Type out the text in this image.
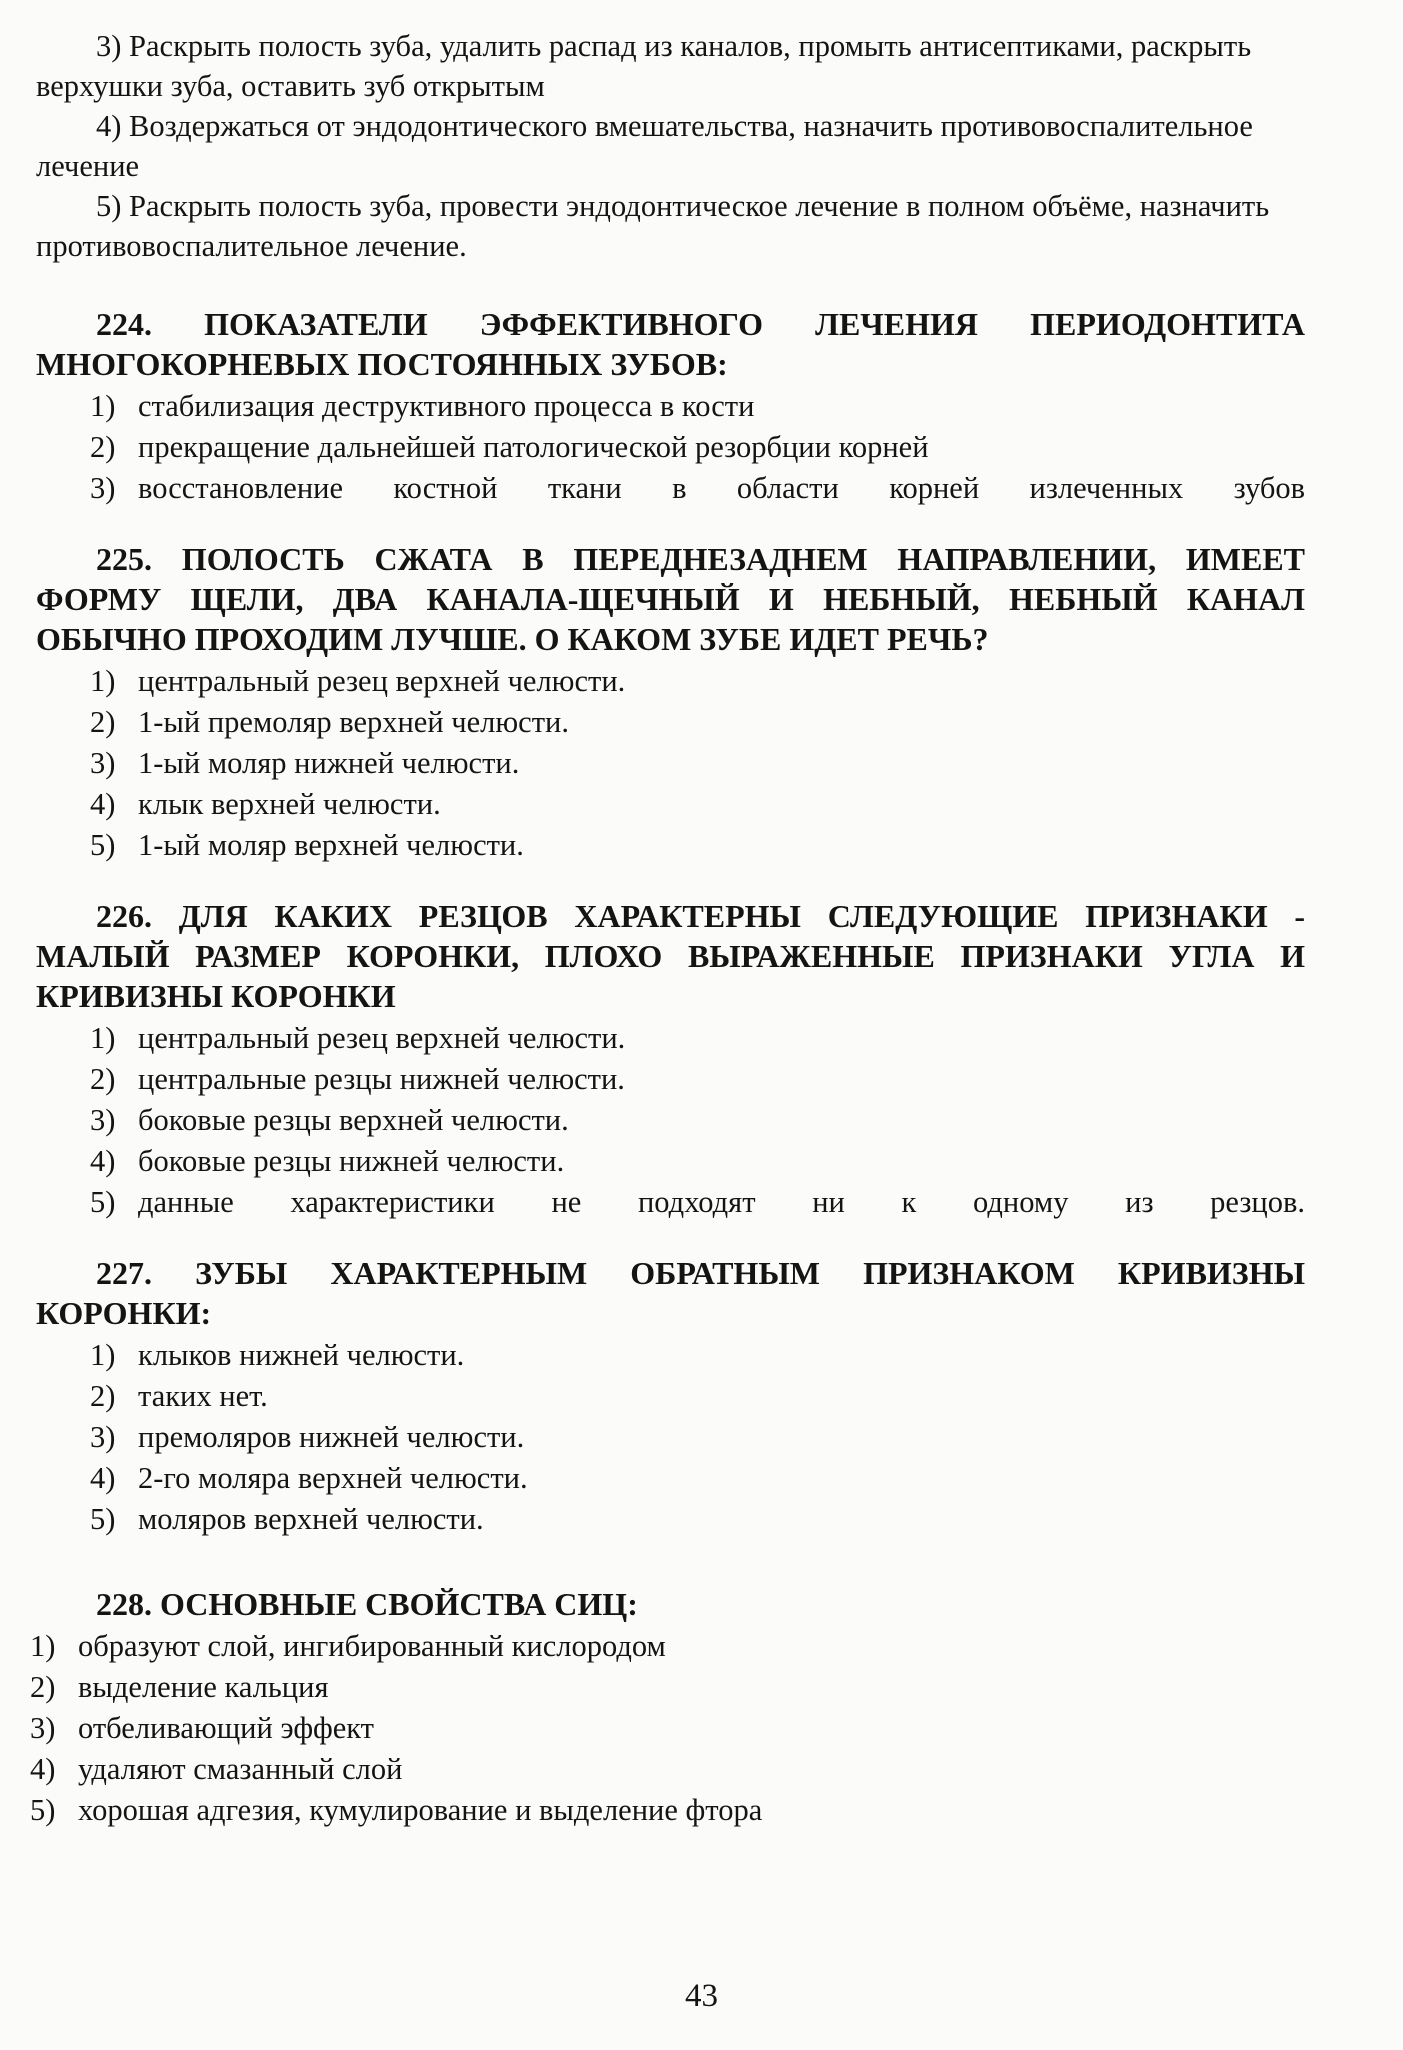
3) Раскрыть полость зуба, удалить распад из каналов, промыть антисептиками, раскрыть верхушки зуба, оставить зуб открытым

4) Воздержаться от эндодонтического вмешательства, назначить противовоспалительное лечение

5) Раскрыть полость зуба, провести эндодонтическое лечение в полном объёме, назначить противовоспалительное лечение.

224. ПОКАЗАТЕЛИ ЭФФЕКТИВНОГО ЛЕЧЕНИЯ ПЕРИОДОНТИТА МНОГОКОРНЕВЫХ ПОСТОЯННЫХ ЗУБОВ:

1) стабилизация деструктивного процесса в кости
2) прекращение дальнейшей патологической резорбции корней
3) восстановление костной ткани в области корней излеченных зубов

225. ПОЛОСТЬ СЖАТА В ПЕРЕДНЕЗАДНЕМ НАПРАВЛЕНИИ, ИМЕЕТ ФОРМУ ЩЕЛИ, ДВА КАНАЛА-ЩЕЧНЫЙ И НЕБНЫЙ, НЕБНЫЙ КАНАЛ ОБЫЧНО ПРОХОДИМ ЛУЧШЕ. О КАКОМ ЗУБЕ ИДЕТ РЕЧЬ?

1) центральный резец верхней челюсти.
2) 1-ый премоляр верхней челюсти.
3) 1-ый моляр нижней челюсти.
4) клык верхней челюсти.
5) 1-ый моляр верхней челюсти.

226. ДЛЯ КАКИХ РЕЗЦОВ ХАРАКТЕРНЫ СЛЕДУЮЩИЕ ПРИЗНАКИ - МАЛЫЙ РАЗМЕР КОРОНКИ, ПЛОХО ВЫРАЖЕННЫЕ ПРИЗНАКИ УГЛА И КРИВИЗНЫ КОРОНКИ

1) центральный резец верхней челюсти.
2) центральные резцы нижней челюсти.
3) боковые резцы верхней челюсти.
4) боковые резцы нижней челюсти.
5) данные характеристики не подходят ни к одному из резцов.

227. ЗУБЫ ХАРАКТЕРНЫМ ОБРАТНЫМ ПРИЗНАКОМ КРИВИЗНЫ КОРОНКИ:

1) клыков нижней челюсти.
2) таких нет.
3) премоляров нижней челюсти.
4) 2-го моляра верхней челюсти.
5) моляров верхней челюсти.

228. ОСНОВНЫЕ СВОЙСТВА СИЦ:

1) образуют слой, ингибированный кислородом
2) выделение кальция
3) отбеливающий эффект
4) удаляют смазанный слой
5) хорошая адгезия, кумулирование и выделение фтора
43
